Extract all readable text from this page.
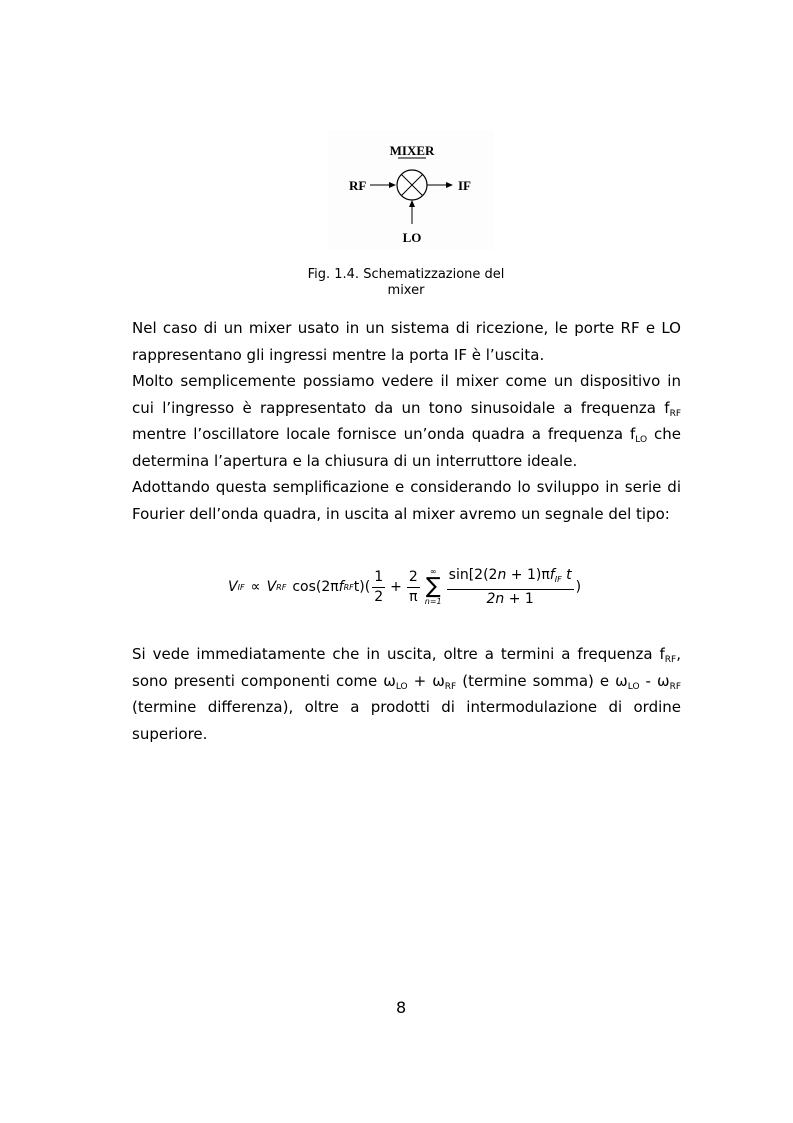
MIXER
RF	IF
LO
Fig. 1.4. Schematizzazione del
mixer

Nel caso di un mixer usato in un sistema di ricezione, le porte RF e LO rappresentano gli ingressi mentre la porta IF è l’uscita.

Molto semplicemente possiamo vedere il mixer come un dispositivo in cui l’ingresso è rappresentato da un tono sinusoidale a frequenza $f_{RF}$ mentre l’oscillatore locale fornisce un’onda quadra a frequenza $f_{LO}$ che determina l’apertura e la chiusura di un interruttore ideale.

Adottando questa semplificazione e considerando lo sviluppo in serie di Fourier dell’onda quadra, in uscita al mixer avremo un segnale del tipo:

V IF ∝ V RF cos(2π f RF $t)( \frac{1}{2} + \frac{2}{\pi}$ ∞
∑
$n=1 \frac{\sin[2(2n + 1)\pi f_{IF} t}{2n + 1}$ )

Si vede immediatamente che in uscita, oltre a termini a frequenza $f_{RF}$, sono presenti componenti come $\omega_{LO} + \omega_{RF}$ (termine somma) e $\omega_{LO} - \omega_{RF}$ (termine differenza), oltre a prodotti di intermodulazione di ordine superiore.

8
